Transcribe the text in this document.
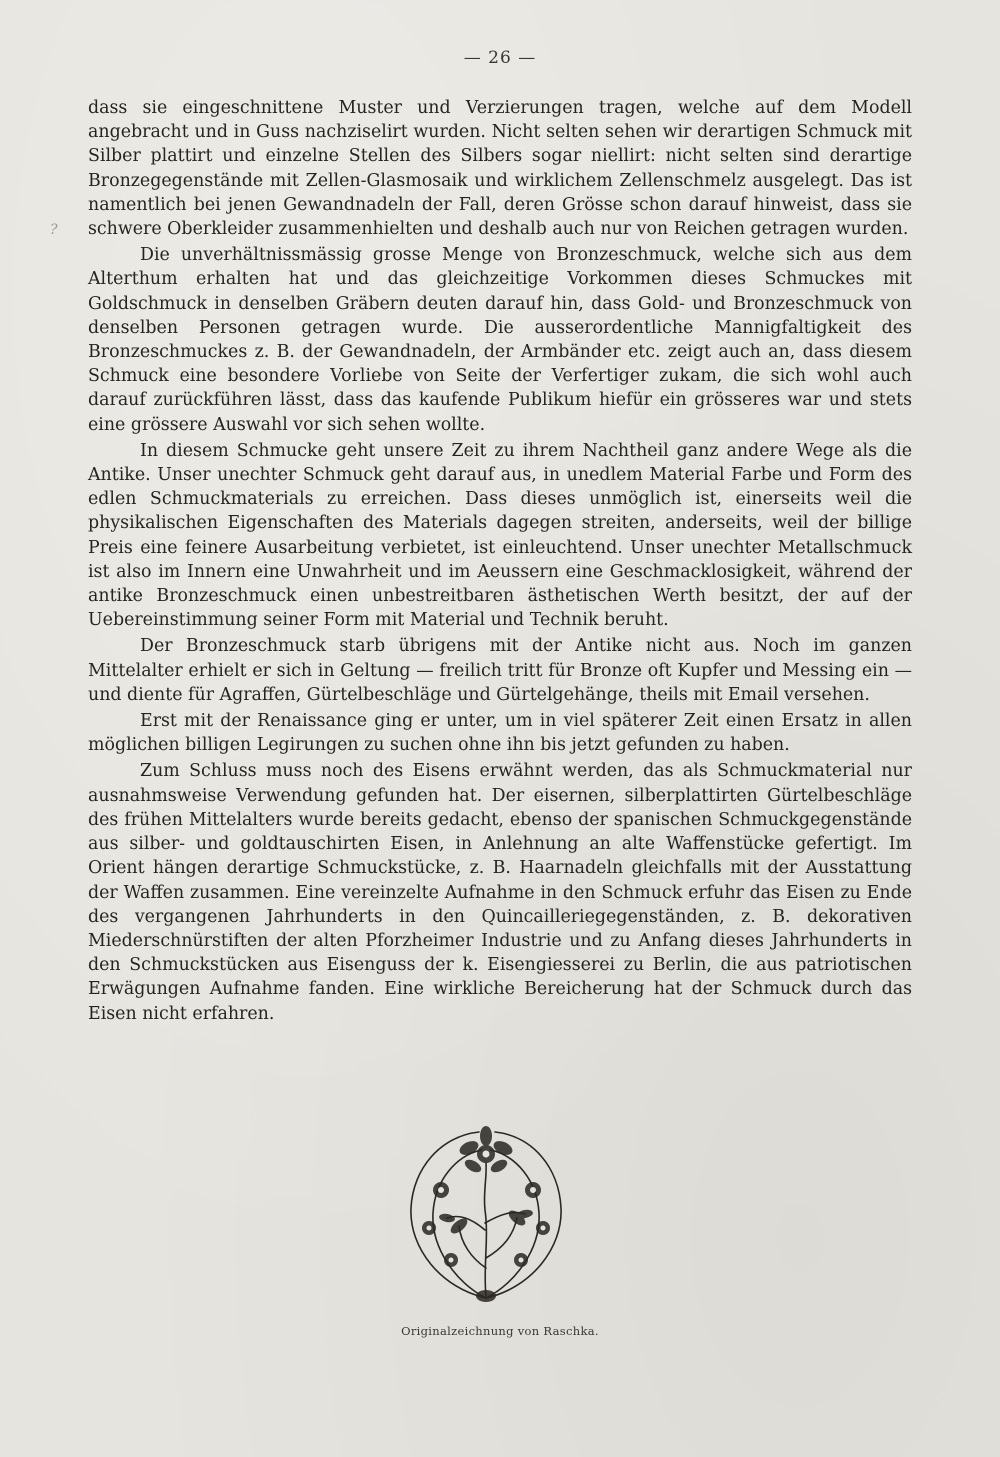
— 26 —
?

dass sie eingeschnittene Muster und Verzierungen tragen, welche auf dem Modell angebracht und in Guss nachziselirt wurden. Nicht selten sehen wir derartigen Schmuck mit Silber plattirt und einzelne Stellen des Silbers sogar niellirt: nicht selten sind derartige Bronzegegenstände mit Zellen-Glasmosaik und wirklichem Zellenschmelz ausgelegt. Das ist namentlich bei jenen Gewandnadeln der Fall, deren Grösse schon darauf hinweist, dass sie schwere Oberkleider zusammenhielten und deshalb auch nur von Reichen getragen wurden.

Die unverhältnissmässig grosse Menge von Bronzeschmuck, welche sich aus dem Alterthum erhalten hat und das gleichzeitige Vorkommen dieses Schmuckes mit Goldschmuck in denselben Gräbern deuten darauf hin, dass Gold- und Bronzeschmuck von denselben Personen getragen wurde. Die ausserordentliche Mannigfaltigkeit des Bronzeschmuckes z. B. der Gewandnadeln, der Armbänder etc. zeigt auch an, dass diesem Schmuck eine besondere Vorliebe von Seite der Verfertiger zukam, die sich wohl auch darauf zurückführen lässt, dass das kaufende Publikum hiefür ein grösseres war und stets eine grössere Auswahl vor sich sehen wollte.

In diesem Schmucke geht unsere Zeit zu ihrem Nachtheil ganz andere Wege als die Antike. Unser unechter Schmuck geht darauf aus, in unedlem Material Farbe und Form des edlen Schmuckmaterials zu erreichen. Dass dieses unmöglich ist, einerseits weil die physikalischen Eigenschaften des Materials dagegen streiten, anderseits, weil der billige Preis eine feinere Ausarbeitung verbietet, ist einleuchtend. Unser unechter Metallschmuck ist also im Innern eine Unwahrheit und im Aeussern eine Geschmacklosigkeit, während der antike Bronzeschmuck einen unbestreitbaren ästhetischen Werth besitzt, der auf der Uebereinstimmung seiner Form mit Material und Technik beruht.

Der Bronzeschmuck starb übrigens mit der Antike nicht aus. Noch im ganzen Mittelalter erhielt er sich in Geltung — freilich tritt für Bronze oft Kupfer und Messing ein — und diente für Agraffen, Gürtelbeschläge und Gürtelgehänge, theils mit Email versehen.

Erst mit der Renaissance ging er unter, um in viel späterer Zeit einen Ersatz in allen möglichen billigen Legirungen zu suchen ohne ihn bis jetzt gefunden zu haben.

Zum Schluss muss noch des Eisens erwähnt werden, das als Schmuckmaterial nur ausnahmsweise Verwendung gefunden hat. Der eisernen, silberplattirten Gürtelbeschläge des frühen Mittelalters wurde bereits gedacht, ebenso der spanischen Schmuckgegenstände aus silber- und goldtauschirten Eisen, in Anlehnung an alte Waffenstücke gefertigt. Im Orient hängen derartige Schmuckstücke, z. B. Haarnadeln gleichfalls mit der Ausstattung der Waffen zusammen. Eine vereinzelte Aufnahme in den Schmuck erfuhr das Eisen zu Ende des vergangenen Jahrhunderts in den Quincailleriegegenständen, z. B. dekorativen Miederschnürstiften der alten Pforzheimer Industrie und zu Anfang dieses Jahrhunderts in den Schmuckstücken aus Eisenguss der k. Eisengiesserei zu Berlin, die aus patriotischen Erwägungen Aufnahme fanden. Eine wirkliche Bereicherung hat der Schmuck durch das Eisen nicht erfahren.

Originalzeichnung von Raschka.
